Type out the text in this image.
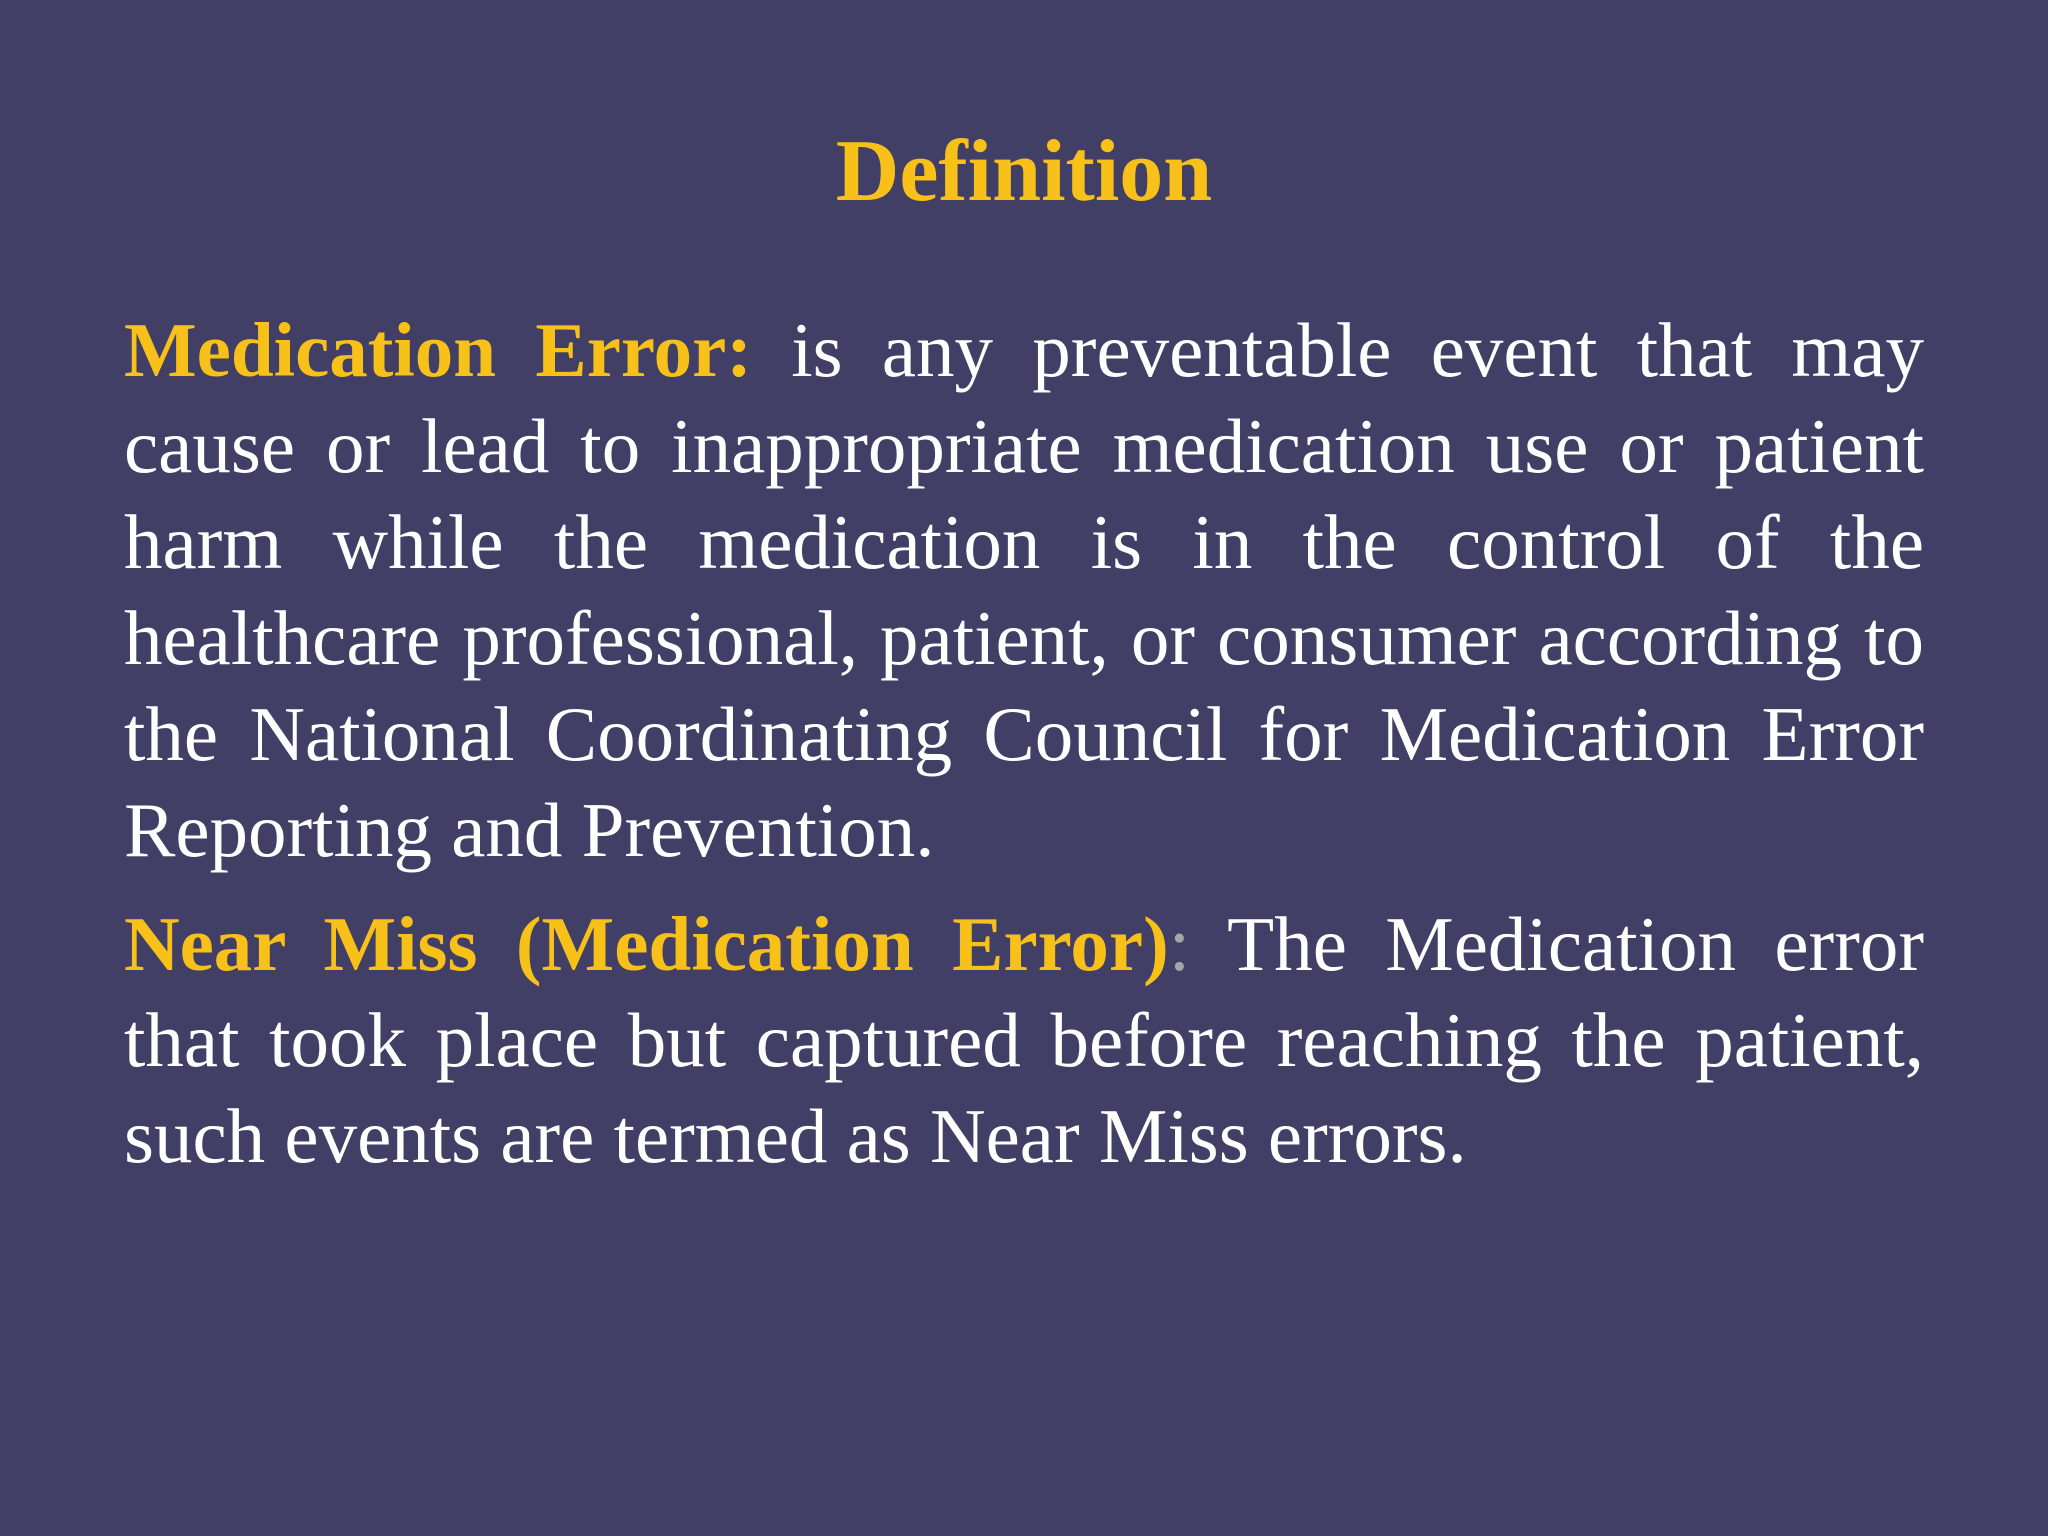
Definition

Medication Error: is any preventable event that may cause or lead to inappropriate medication use or patient harm while the medication is in the control of the healthcare professional, patient, or consumer according to the National Coordinating Council for Medication Error Reporting and Prevention.

Near Miss (Medication Error): The Medication error that took place but captured before reaching the patient, such events are termed as Near Miss errors.
